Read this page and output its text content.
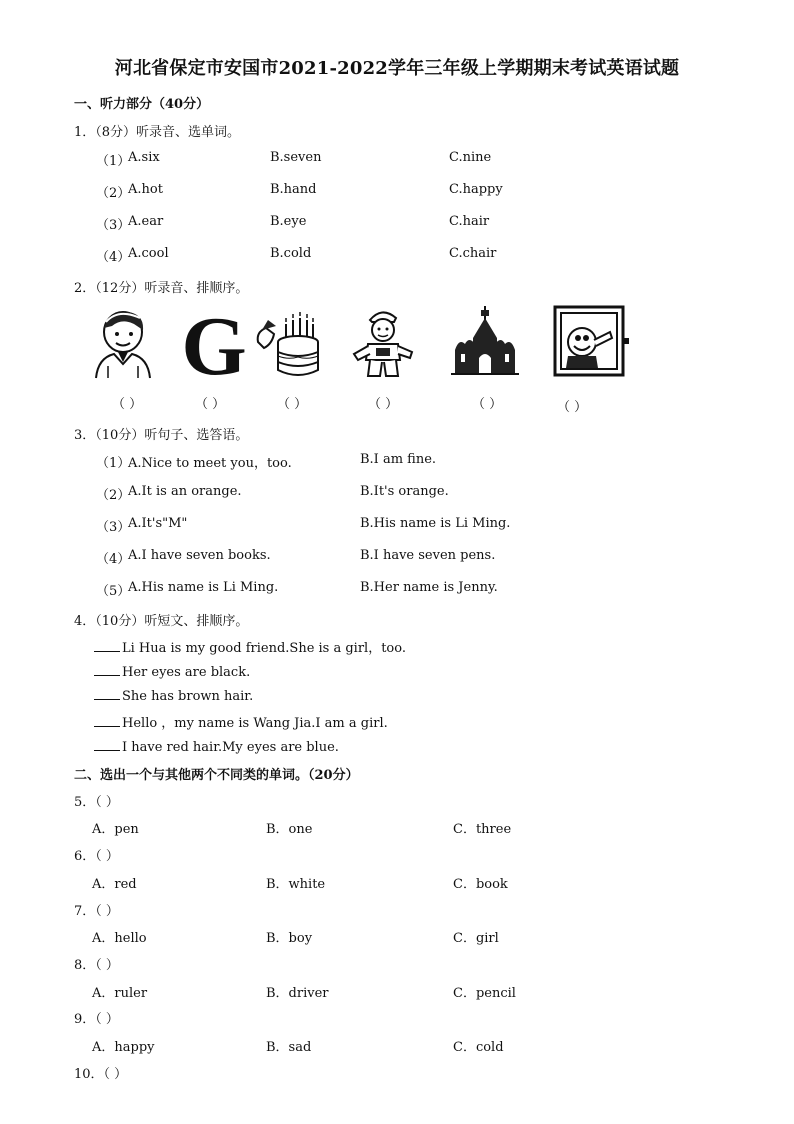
河北省保定市安国市2021-2022学年三年级上学期期末考试英语试题
一、听力部分（40分）
1．（8分）听录音、选单词。
（1）
A.six	B.seven	C.nine
（2）
A.hot	B.hand	C.happy
（3）
A.ear	B.eye	C.hair
（4）
A.cool	B.cold	C.chair
2．（12分）听录音、排顺序。
G
（ ）	（ ）	（ ）	（ ）	（ ）	（ ）
3．（10分）听句子、选答语。
（1）
A.Nice to meet you，too.	B.I am fine.
（2）
A.It is an orange.	B.It's orange.
（3）
A.It's"M"	B.His name is Li Ming.
（4）
A.I have seven books.	B.I have seven pens.
（5）
A.His name is Li Ming.	B.Her name is Jenny.
4．（10分）听短文、排顺序。
Li Hua is my good friend.She is a girl，too.
Her eyes are black.
She has brown hair.
Hello ，my name is Wang Jia.I am a girl.
I have red hair.My eyes are blue.
二、选出一个与其他两个不同类的单词。（20分）
5．（ ）
A．pen	B．one	C．three
6．（ ）
A．red	B．white	C．book
7．（ ）
A．hello	B．boy	C．girl
8．（ ）
A．ruler	B．driver	C．pencil
9．（ ）
A．happy	B．sad	C．cold
10．（ ）
